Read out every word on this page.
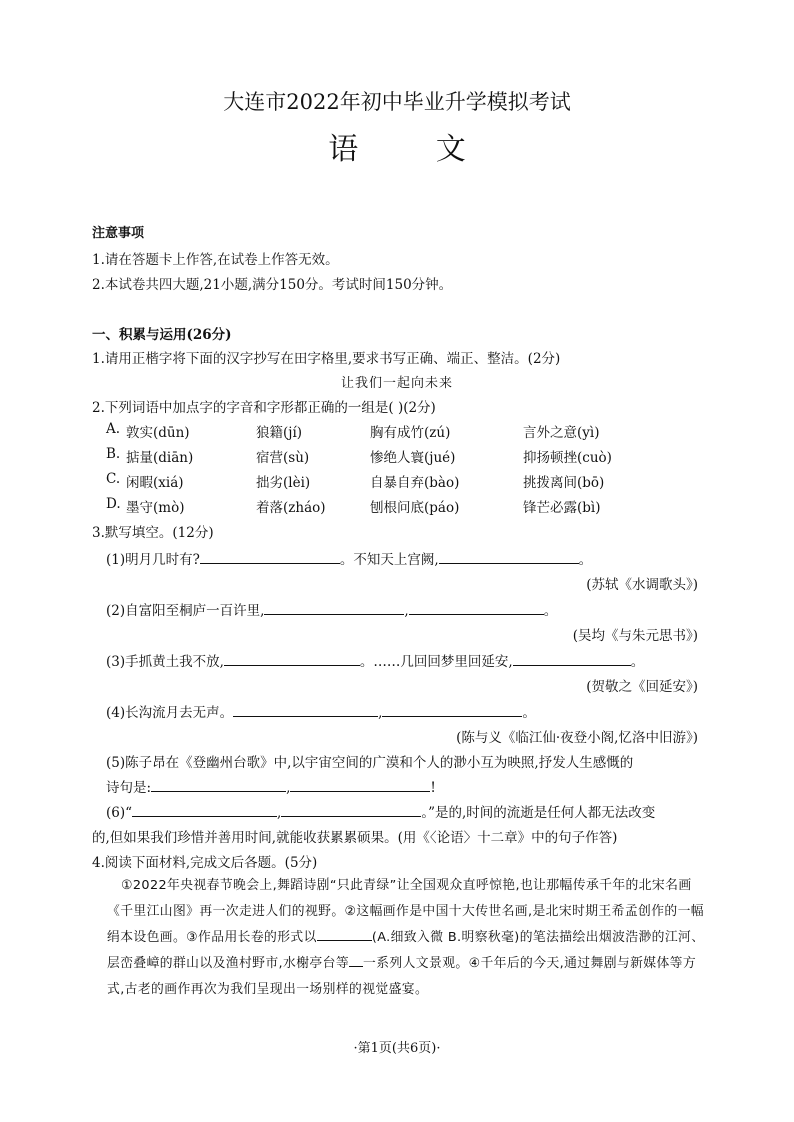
大连市2022年初中毕业升学模拟考试
语 文
注意事项
1.请在答题卡上作答,在试卷上作答无效。
2.本试卷共四大题,21小题,满分150分。考试时间150分钟。
一、积累与运用(26分)
1.请用正楷字将下面的汉字抄写在田字格里,要求书写正确、端正、整洁。(2分)
让我们一起向未来
2.下列词语中加点字的字音和字形都正确的一组是( )(2分)
A. 敦实(dūn)	狼籍(jí)	胸有成竹(zú)	言外之意(yì)
B. 掂量(diān)	宿营(sù)	惨绝人寰(jué)	抑扬顿挫(cuò)
C. 闲暇(xiá)	拙劣(lèi)	自暴自弃(bào)	挑拨离间(bō)
D. 墨守(mò)	着落(zháo)	刨根问底(páo)	锋芒必露(bì)
3.默写填空。(12分)
(1)明月几时有?	。不知天上宫阙,	。
(苏轼《水调歌头》)
(2)自富阳至桐庐一百许里,	,	。
(吴均《与朱元思书》)
(3)手抓黄土我不放,	。……几回回梦里回延安,	。
(贺敬之《回延安》)
(4)长沟流月去无声。	,	。
(陈与义《临江仙·夜登小阁,忆洛中旧游》)
(5)陈子昂在《登幽州台歌》中,以宇宙空间的广漠和个人的渺小互为映照,抒发人生感慨的
诗句是:	,	!
(6)“	,	。”是的,时间的流逝是任何人都无法改变
的,但如果我们珍惜并善用时间,就能收获累累硕果。(用《〈论语〉十二章》中的句子作答)
4.阅读下面材料,完成文后各题。(5分)
①2022年央视春节晚会上,舞蹈诗剧“只此青绿”让全国观众直呼惊艳,也让那幅传承千年的北宋名画《千里江山图》再一次走进人们的视野。②这幅画作是中国十大传世名画,是北宋时期王希孟创作的一幅绢本设色画。③作品用长卷的形式以	(A.细致入微 B.明察秋毫)的笔法描绘出烟波浩渺的江河、层峦叠嶂的群山以及渔村野市,水榭亭台等 一系列人文景观。④千年后的今天,通过舞剧与新媒体等方式,古老的画作再次为我们呈现出一场别样的视觉盛宴。
·第1页(共6页)·
